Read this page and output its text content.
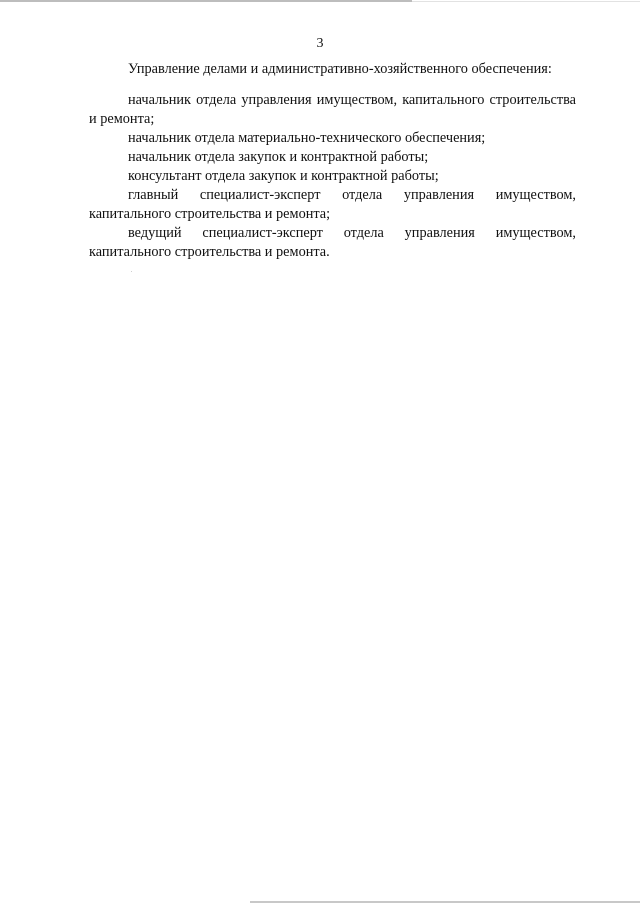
3

Управление делами и административно-хозяйственного обеспечения:

начальник отдела управления имуществом, капитального строительства и ремонта;

начальник отдела материально-технического обеспечения;

начальник отдела закупок и контрактной работы;

консультант отдела закупок и контрактной работы;

главный специалист-эксперт отдела управления имуществом, капитального строительства и ремонта;

ведущий специалист-эксперт отдела управления имуществом, капитального строительства и ремонта.
